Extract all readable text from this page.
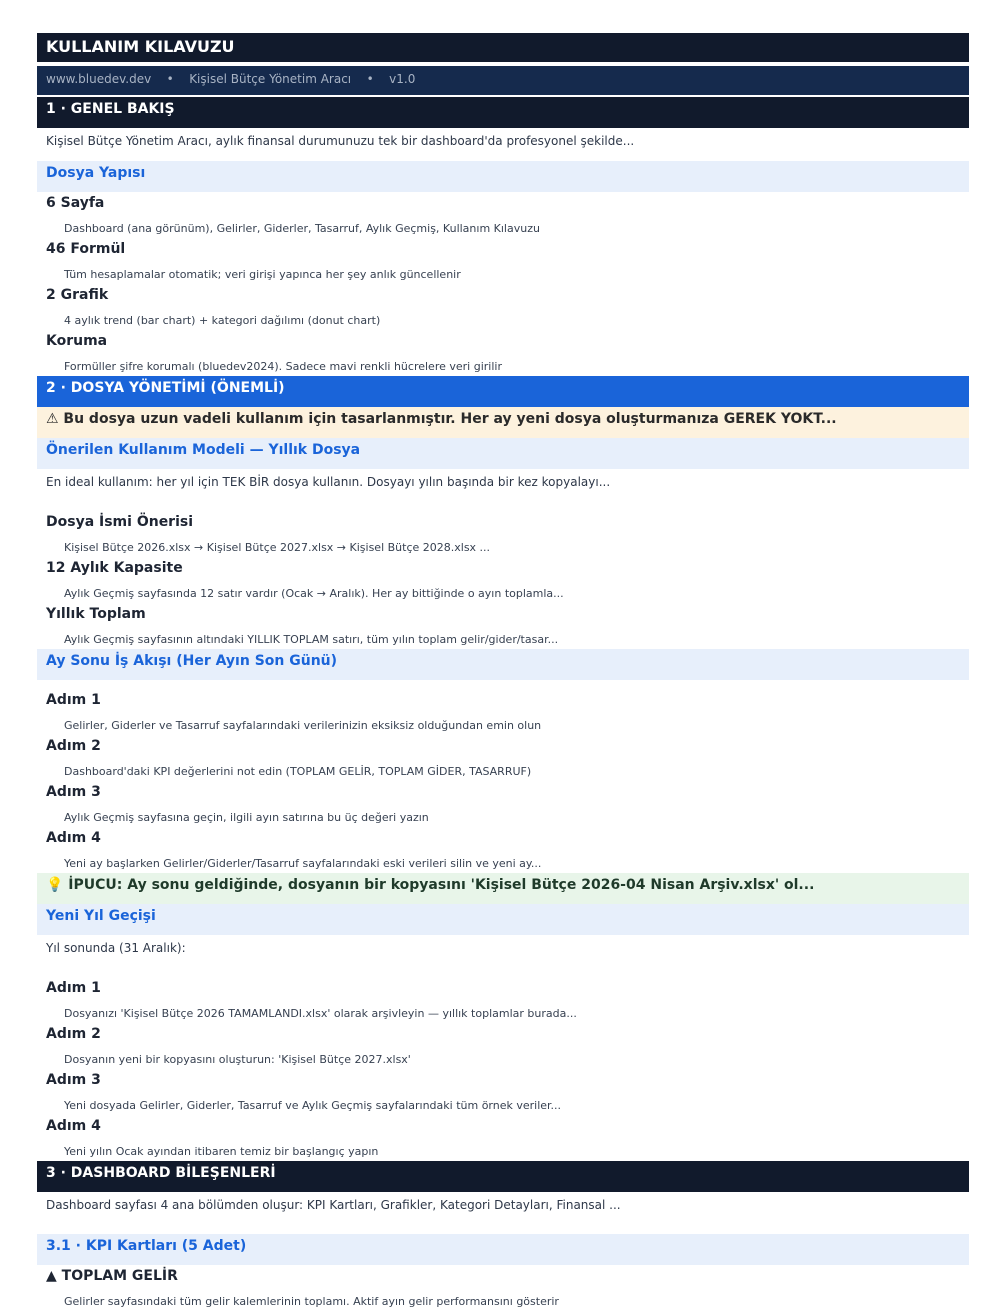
KULLANIM KILAVUZU
www.bluedev.dev • Kişisel Bütçe Yönetim Aracı • v1.0
1 · GENEL BAKIŞ
Kişisel Bütçe Yönetim Aracı, aylık finansal durumunuzu tek bir dashboard'da profesyonel şekilde...
Dosya Yapısı
6 Sayfa
Dashboard (ana görünüm), Gelirler, Giderler, Tasarruf, Aylık Geçmiş, Kullanım Kılavuzu
46 Formül
Tüm hesaplamalar otomatik; veri girişi yapınca her şey anlık güncellenir
2 Grafik
4 aylık trend (bar chart) + kategori dağılımı (donut chart)
Koruma
Formüller şifre korumalı (bluedev2024). Sadece mavi renkli hücrelere veri girilir
2 · DOSYA YÖNETİMİ (ÖNEMLİ)
⚠ Bu dosya uzun vadeli kullanım için tasarlanmıştır. Her ay yeni dosya oluşturmanıza GEREK YOKT...
Önerilen Kullanım Modeli — Yıllık Dosya
En ideal kullanım: her yıl için TEK BİR dosya kullanın. Dosyayı yılın başında bir kez kopyalayı...
Dosya İsmi Önerisi
Kişisel Bütçe 2026.xlsx → Kişisel Bütçe 2027.xlsx → Kişisel Bütçe 2028.xlsx ...
12 Aylık Kapasite
Aylık Geçmiş sayfasında 12 satır vardır (Ocak → Aralık). Her ay bittiğinde o ayın toplamla...
Yıllık Toplam
Aylık Geçmiş sayfasının altındaki YILLIK TOPLAM satırı, tüm yılın toplam gelir/gider/tasar...
Ay Sonu İş Akışı (Her Ayın Son Günü)
Adım 1
Gelirler, Giderler ve Tasarruf sayfalarındaki verilerinizin eksiksiz olduğundan emin olun
Adım 2
Dashboard'daki KPI değerlerini not edin (TOPLAM GELİR, TOPLAM GİDER, TASARRUF)
Adım 3
Aylık Geçmiş sayfasına geçin, ilgili ayın satırına bu üç değeri yazın
Adım 4
Yeni ay başlarken Gelirler/Giderler/Tasarruf sayfalarındaki eski verileri silin ve yeni ay...
💡 İPUCU: Ay sonu geldiğinde, dosyanın bir kopyasını 'Kişisel Bütçe 2026-04 Nisan Arşiv.xlsx' ol...
Yeni Yıl Geçişi
Yıl sonunda (31 Aralık):
Adım 1
Dosyanızı 'Kişisel Bütçe 2026 TAMAMLANDI.xlsx' olarak arşivleyin — yıllık toplamlar burada...
Adım 2
Dosyanın yeni bir kopyasını oluşturun: 'Kişisel Bütçe 2027.xlsx'
Adım 3
Yeni dosyada Gelirler, Giderler, Tasarruf ve Aylık Geçmiş sayfalarındaki tüm örnek veriler...
Adım 4
Yeni yılın Ocak ayından itibaren temiz bir başlangıç yapın
3 · DASHBOARD BİLEŞENLERİ
Dashboard sayfası 4 ana bölümden oluşur: KPI Kartları, Grafikler, Kategori Detayları, Finansal ...
3.1 · KPI Kartları (5 Adet)
▲ TOPLAM GELİR
Gelirler sayfasındaki tüm gelir kalemlerinin toplamı. Aktif ayın gelir performansını gösterir
